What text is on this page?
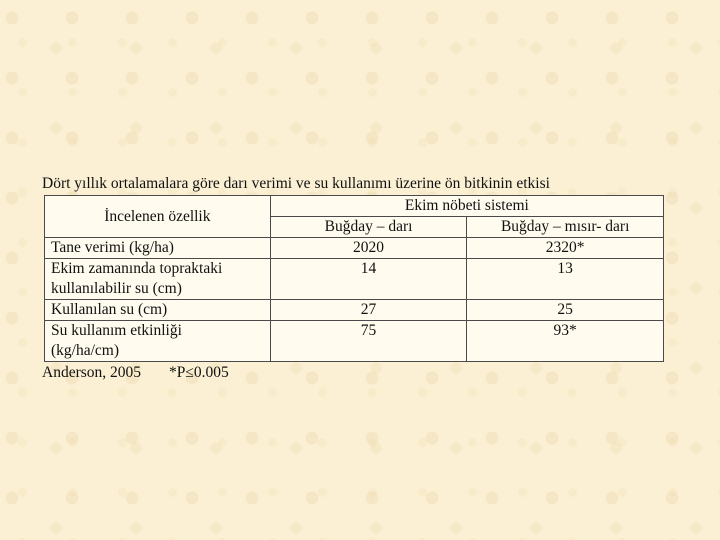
Dört yıllık ortalamalara göre darı verimi ve su kullanımı üzerine ön bitkinin etkisi
İncelenen özellik	Ekim nöbeti sistemi	
	Buğday – darı	Buğday – mısır- darı
Tane verimi (kg/ha)	2020	2320*
Ekim zamanında topraktaki
kullanılabilir su (cm)	14	13
Kullanılan su (cm)	27	25
Su kullanım etkinliği
(kg/ha/cm)	75	93*
Anderson, 2005 *P≤0.005
